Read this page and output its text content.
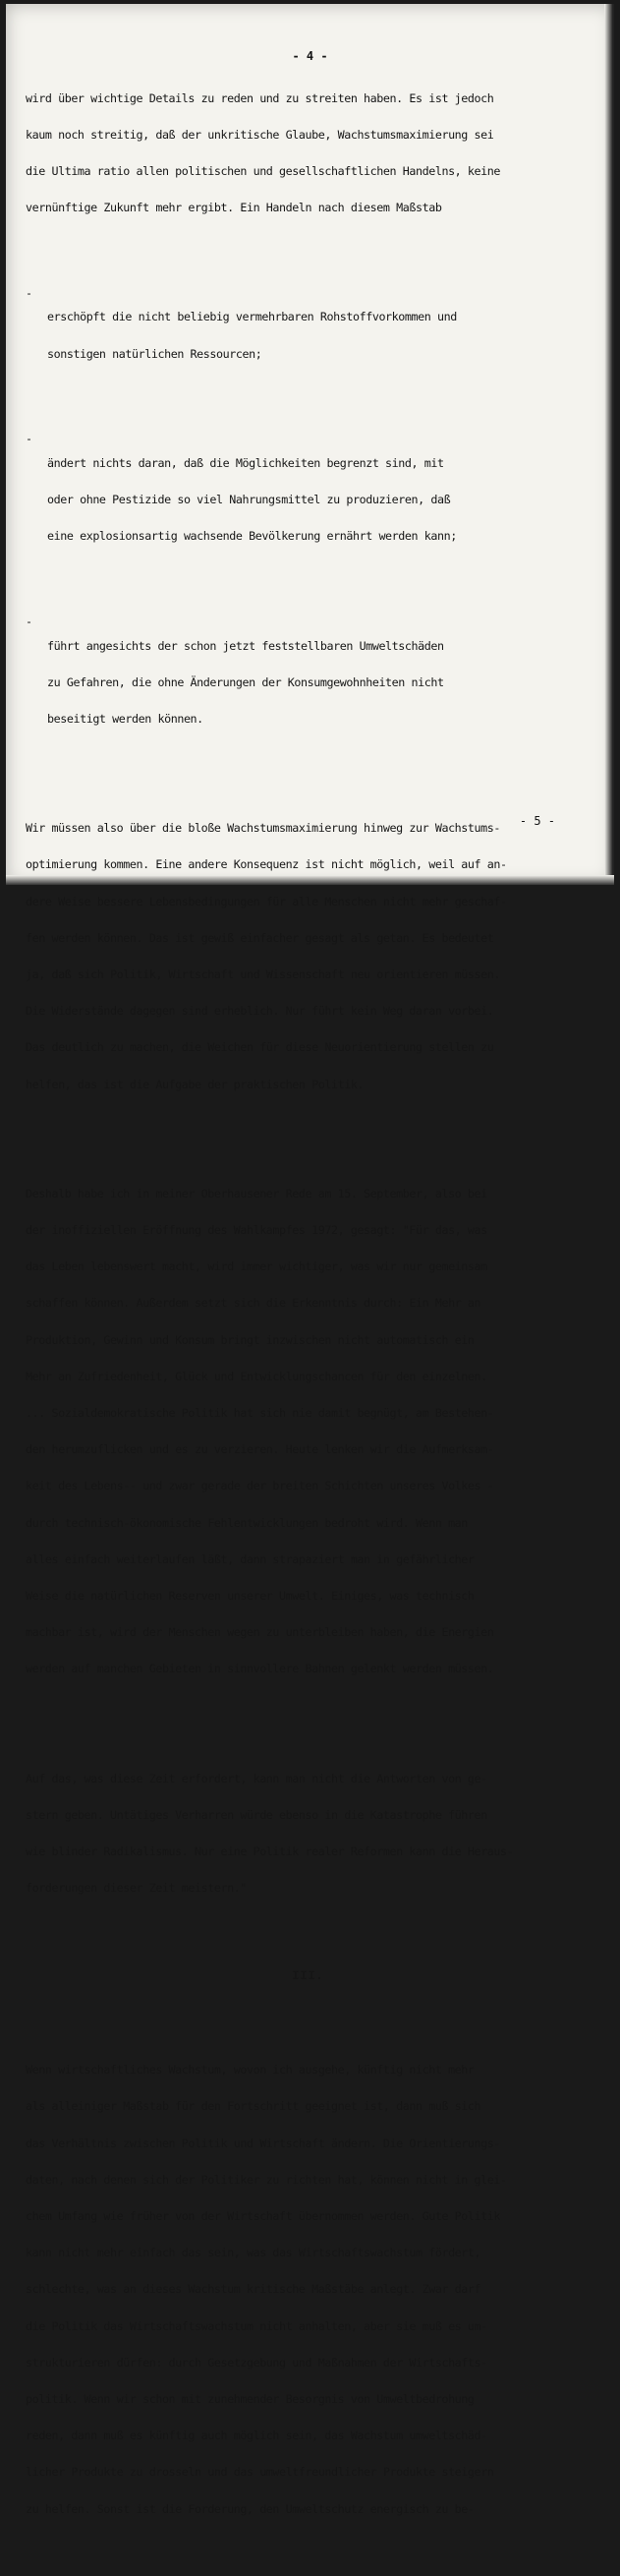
- 4 -

wird über wichtige Details zu reden und zu streiten haben. Es ist jedoch

kaum noch streitig, daß der unkritische Glaube, Wachstumsmaximierung sei

die Ultima ratio allen politischen und gesellschaftlichen Handelns, keine

vernünftige Zukunft mehr ergibt. Ein Handeln nach diesem Maßstab

-

erschöpft die nicht beliebig vermehrbaren Rohstoffvorkommen und

sonstigen natürlichen Ressourcen;

-

ändert nichts daran, daß die Möglichkeiten begrenzt sind, mit

oder ohne Pestizide so viel Nahrungsmittel zu produzieren, daß

eine explosionsartig wachsende Bevölkerung ernährt werden kann;

-

führt angesichts der schon jetzt feststellbaren Umweltschäden

zu Gefahren, die ohne Änderungen der Konsumgewohnheiten nicht

beseitigt werden können.

Wir müssen also über die bloße Wachstumsmaximierung hinweg zur Wachstums-

optimierung kommen. Eine andere Konsequenz ist nicht möglich, weil auf an-

dere Weise bessere Lebensbedingungen für alle Menschen nicht mehr geschaf-

fen werden können. Das ist gewiß einfacher gesagt als getan. Es bedeutet

ja, daß sich Politik, Wirtschaft und Wissenschaft neu orientieren müssen.

Die Widerstände dagegen sind erheblich. Nur führt kein Weg daran vorbei.

Das deutlich zu machen, die Weichen für diese Neuorientierung stellen zu

helfen, das ist die Aufgabe der praktischen Politik.

Deshalb habe ich in meiner Oberhausener Rede am 15. September, also bei

der inoffiziellen Eröffnung des Wahlkampfes 1972, gesagt: "Für das, was

das Leben lebenswert macht, wird immer wichtiger, was wir nur gemeinsam

schaffen können. Außerdem setzt sich die Erkenntnis durch: Ein Mehr an

Produktion, Gewinn und Konsum bringt inzwischen nicht automatisch ein

Mehr an Zufriedenheit, Glück und Entwicklungschancen für den einzelnen.

... Sozialdemokratische Politik hat sich nie damit begnügt, am Bestehen-

den herumzuflicken und es zu verzieren. Heute lenken wir die Aufmerksam-

keit des Lebens-- und zwar gerade der breiten Schichten unseres Volkes -

durch technisch-ökonomische Fehlentwicklungen bedroht wird. Wenn man

alles einfach weiterlaufen läßt, dann strapaziert man in gefährlicher

Weise die natürlichen Reserven unserer Umwelt. Einiges, was technisch

machbar ist, wird der Menschen wegen zu unterbleiben haben, die Energien

werden auf manchen Gebieten in sinnvollere Bahnen gelenkt werden müssen.

Auf das, was diese Zeit erfordert, kann man nicht die Antworten von ge-

stern geben. Untätiges Verharren würde ebenso in die Katastrophe führen

wie blinder Radikalismus. Nur eine Politik realer Reformen kann die Heraus-

forderungen dieser Zeit meistern."

III.

Wenn wirtschaftliches Wachstum, wovon ich ausgehe, künftig nicht mehr

als alleiniger Maßstab für den Fortschritt geeignet ist, dann muß sich

das Verhältnis zwischen Politik und Wirtschaft ändern. Die Orientierungs-

daten, nach denen sich der Politiker zu richten hat, können nicht in glei-

chem Umfang wie früher von der Wirtschaft übernommen werden. Gute Politik

kann nicht mehr einfach das sein, was das Wirtschaftswachstum fördert,

schlechte, was an dieses Wachstum kritische Maßstäbe anlegt. Zwar darf

die Politik das Wirtschaftswachstum nicht anhalten, aber sie muß es um-

strukturieren dürfen: durch Gesetzgebung und Maßnahmen der Wirtschafts-

politik. Wenn wir schon mit zunehmender Besorgnis von Umweltbedrohung

reden, dann muß es künftig auch möglich sein, das Wachstum umweltschäd-

licher Produkte zu drosseln und das umweltfreundlicher Produkte steigern

zu helfen. Sonst ist die Forderung, den Umweltschutz energisch zu be-

- 5 -
